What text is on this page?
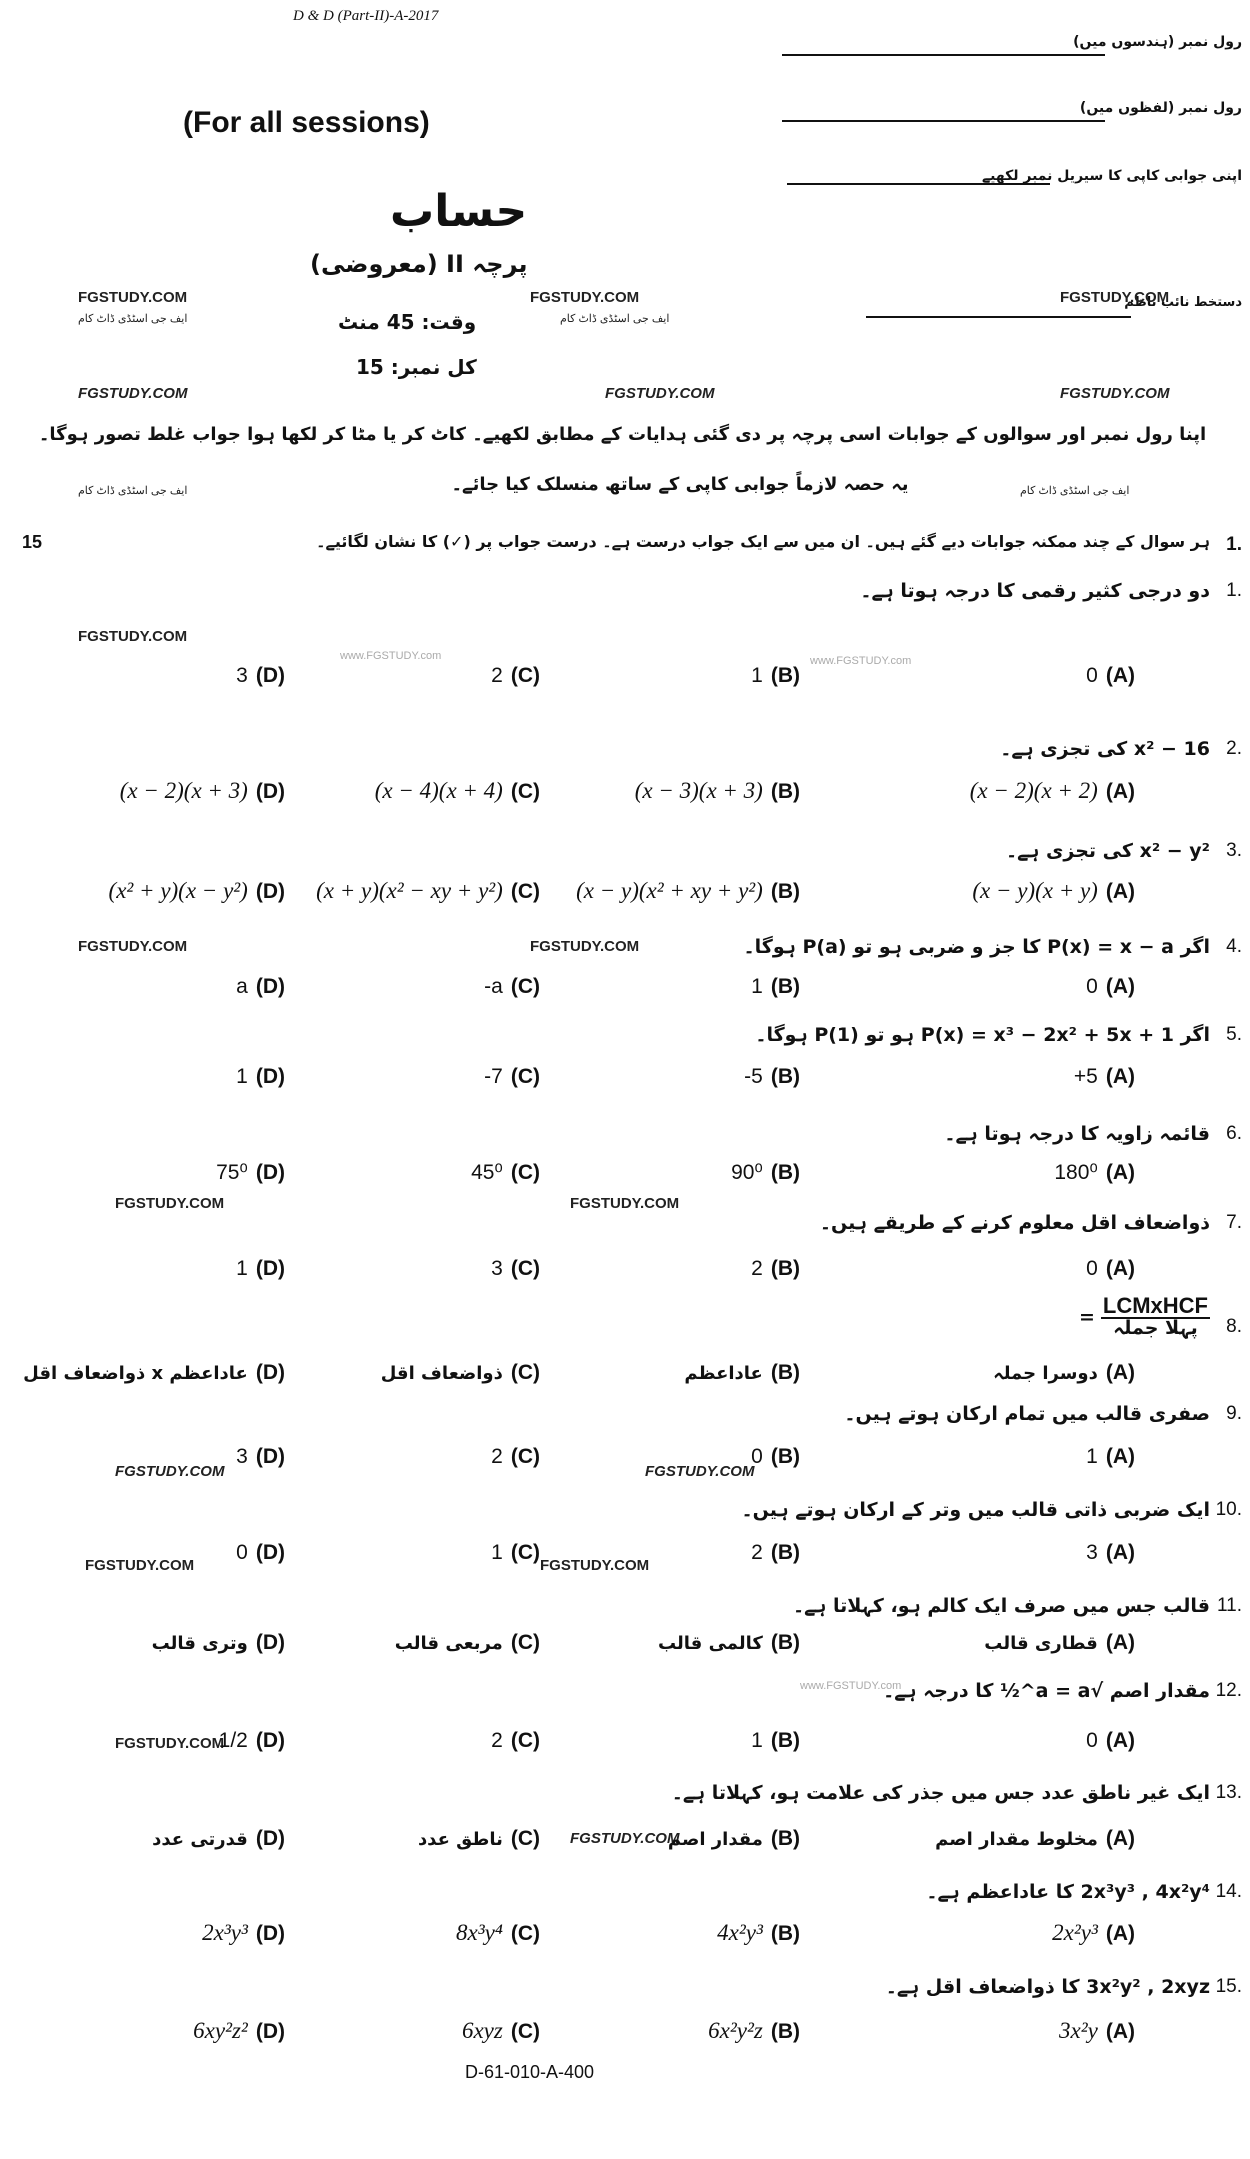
D & D (Part-II)-A-2017
رول نمبر (ہندسوں میں)
رول نمبر (لفظوں میں)
اپنی جوابی کاپی کا سیریل نمبر لکھیے
دستخط نائب ناظم
(For all sessions)
حساب
پرچہ II (معروضی)
وقت: 45 منٹ
کل نمبر: 15
اپنا رول نمبر اور سوالوں کے جوابات اسی پرچہ پر دی گئی ہدایات کے مطابق لکھیے۔ کاٹ کر یا مٹا کر لکھا ہوا جواب غلط تصور ہوگا۔
یہ حصہ لازماً جوابی کاپی کے ساتھ منسلک کیا جائے۔
FGSTUDY.COM	FGSTUDY.COM	FGSTUDY.COM
ایف جی اسٹڈی ڈاٹ کام	ایف جی اسٹڈی ڈاٹ کام
FGSTUDY.COM	FGSTUDY.COM	FGSTUDY.COM
ایف جی اسٹڈی ڈاٹ کام	ایف جی اسٹڈی ڈاٹ کام
FGSTUDY.COM
www.FGSTUDY.com	www.FGSTUDY.com
FGSTUDY.COM	FGSTUDY.COM
FGSTUDY.COM	FGSTUDY.COM
FGSTUDY.COM	FGSTUDY.COM
FGSTUDY.COM	FGSTUDY.COM
www.FGSTUDY.com
FGSTUDY.COM
FGSTUDY.COM
15	1.
ہر سوال کے چند ممکنہ جوابات دیے گئے ہیں۔ ان میں سے ایک جواب درست ہے۔ درست جواب پر (✓) کا نشان لگائیے۔
1.
دو درجی کثیر رقمی کا درجہ ہوتا ہے۔
0 (A)
1 (B)
2 (C)
3 (D)
2.
x² − 16 کی تجزی ہے۔
(x − 2)(x + 2) (A)
(x − 3)(x + 3) (B)
(x − 4)(x + 4) (C)
(x − 2)(x + 3) (D)
3.
x² − y² کی تجزی ہے۔
(x − y)(x + y) (A)
(x − y)(x² + xy + y²) (B)
(x + y)(x² − xy + y²) (C)
(x² + y)(x − y²) (D)
4.
اگر P(x) = x − a کا جز و ضربی ہو تو P(a) ہوگا۔
0 (A)
1 (B)
-a (C)
a (D)
5.
اگر P(x) = x³ − 2x² + 5x + 1 ہو تو P(1) ہوگا۔
+5 (A)
-5 (B)
-7 (C)
1 (D)
6.
قائمہ زاویہ کا درجہ ہوتا ہے۔
180⁰ (A)
90⁰ (B)
45⁰ (C)
75⁰ (D)
7.
ذواضعاف اقل معلوم کرنے کے طریقے ہیں۔
0 (A)
2 (B)
3 (C)
1 (D)
8.
$\frac{\text{LCMxHCF}}{\text{پہلا جملہ}}$
=
دوسرا جملہ (A)
عاداعظم (B)
ذواضعاف اقل (C)
ذواضعاف اقل x عاداعظم (D)
9.
صفری قالب میں تمام ارکان ہوتے ہیں۔
1 (A)
0 (B)
2 (C)
3 (D)
10.
ایک ضربی ذاتی قالب میں وتر کے ارکان ہوتے ہیں۔
3 (A)
2 (B)
1 (C)
0 (D)
11.
قالب جس میں صرف ایک کالم ہو، کہلاتا ہے۔
قطاری قالب (A)
کالمی قالب (B)
مربعی قالب (C)
وتری قالب (D)
12.
مقدار اصم √a = a^½ کا درجہ ہے۔
0 (A)
1 (B)
2 (C)
1/2 (D)
13.
ایک غیر ناطق عدد جس میں جذر کی علامت ہو، کہلاتا ہے۔
مخلوط مقدار اصم (A)
مقدار اصم (B)
ناطق عدد (C)
قدرتی عدد (D)
14.
2x³y³ , 4x²y⁴ کا عاداعظم ہے۔
2x²y³ (A)
4x²y³ (B)
8x³y⁴ (C)
2x³y³ (D)
15.
3x²y² , 2xyz کا ذواضعاف اقل ہے۔
3x²y (A)
6x²y²z (B)
6xyz (C)
6xy²z² (D)
D-61-010-A-400
